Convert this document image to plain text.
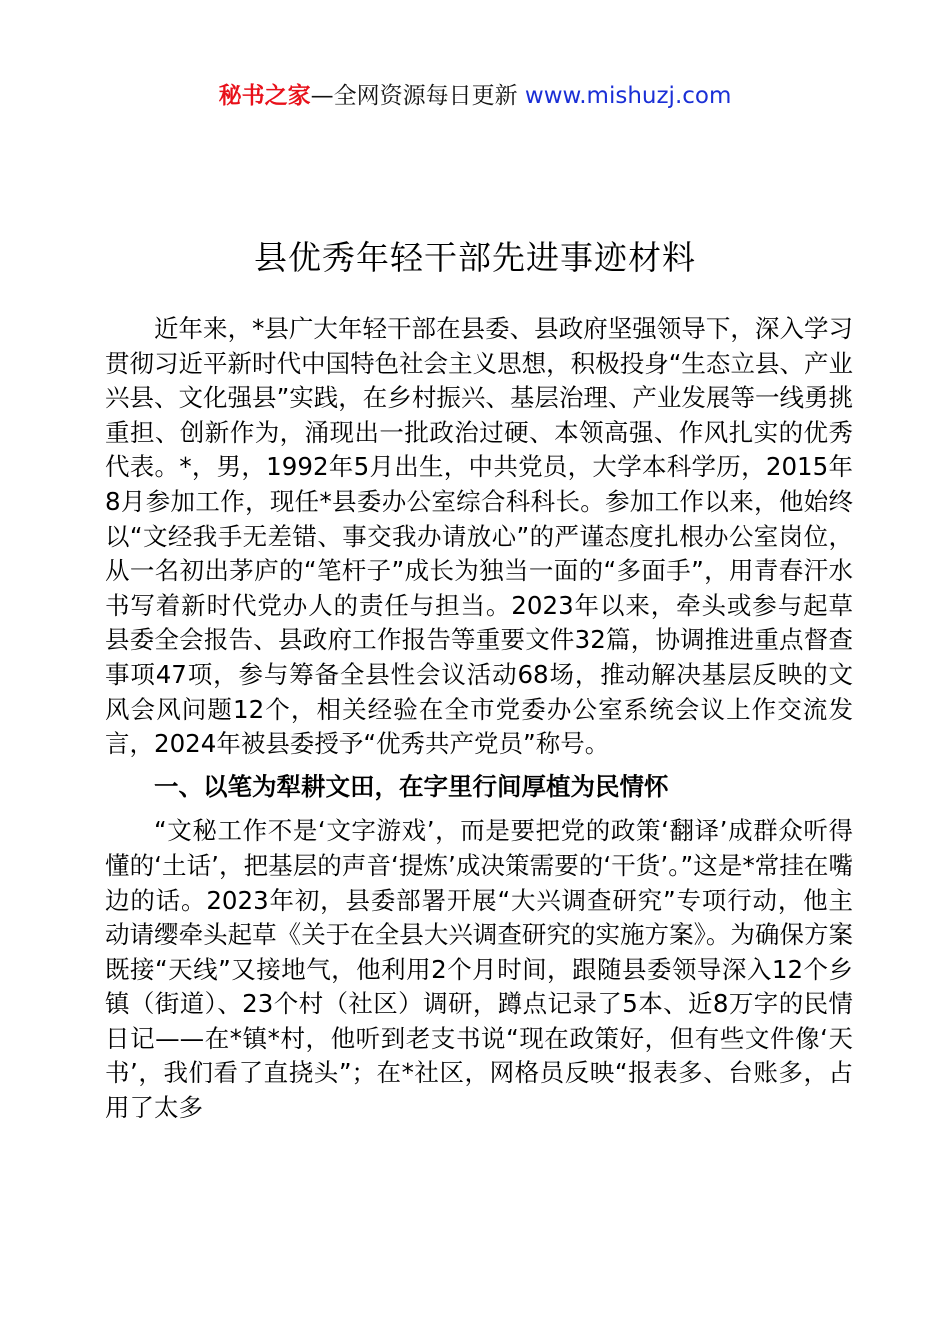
秘书之家—全网资源每日更新 www.mishuzj.com
县优秀年轻干部先进事迹材料

近年来，*县广大年轻干部在县委、县政府坚强领导下，深入学习贯彻习近平新时代中国特色社会主义思想，积极投身“生态立县、产业兴县、文化强县”实践，在乡村振兴、基层治理、产业发展等一线勇挑重担、创新作为，涌现出一批政治过硬、本领高强、作风扎实的优秀代表。*，男，1992年5月出生，中共党员，大学本科学历，2015年8月参加工作，现任*县委办公室综合科科长。参加工作以来，他始终以“文经我手无差错、事交我办请放心”的严谨态度扎根办公室岗位，从一名初出茅庐的“笔杆子”成长为独当一面的“多面手”，用青春汗水书写着新时代党办人的责任与担当。2023年以来，牵头或参与起草县委全会报告、县政府工作报告等重要文件32篇，协调推进重点督查事项47项，参与筹备全县性会议活动68场，推动解决基层反映的文风会风问题12个，相关经验在全市党委办公室系统会议上作交流发言，2024年被县委授予“优秀共产党员”称号。

一、以笔为犁耕文田，在字里行间厚植为民情怀

“文秘工作不是‘文字游戏’，而是要把党的政策‘翻译’成群众听得懂的‘土话’，把基层的声音‘提炼’成决策需要的‘干货’。”这是*常挂在嘴边的话。2023年初，县委部署开展“大兴调查研究”专项行动，他主动请缨牵头起草《关于在全县大兴调查研究的实施方案》。为确保方案既接“天线”又接地气，他利用2个月时间，跟随县委领导深入12个乡镇（街道）、23个村（社区）调研，蹲点记录了5本、近8万字的民情日记——在*镇*村，他听到老支书说“现在政策好，但有些文件像‘天书’，我们看了直挠头”；在*社区，网格员反映“报表多、台账多，占用了太多
